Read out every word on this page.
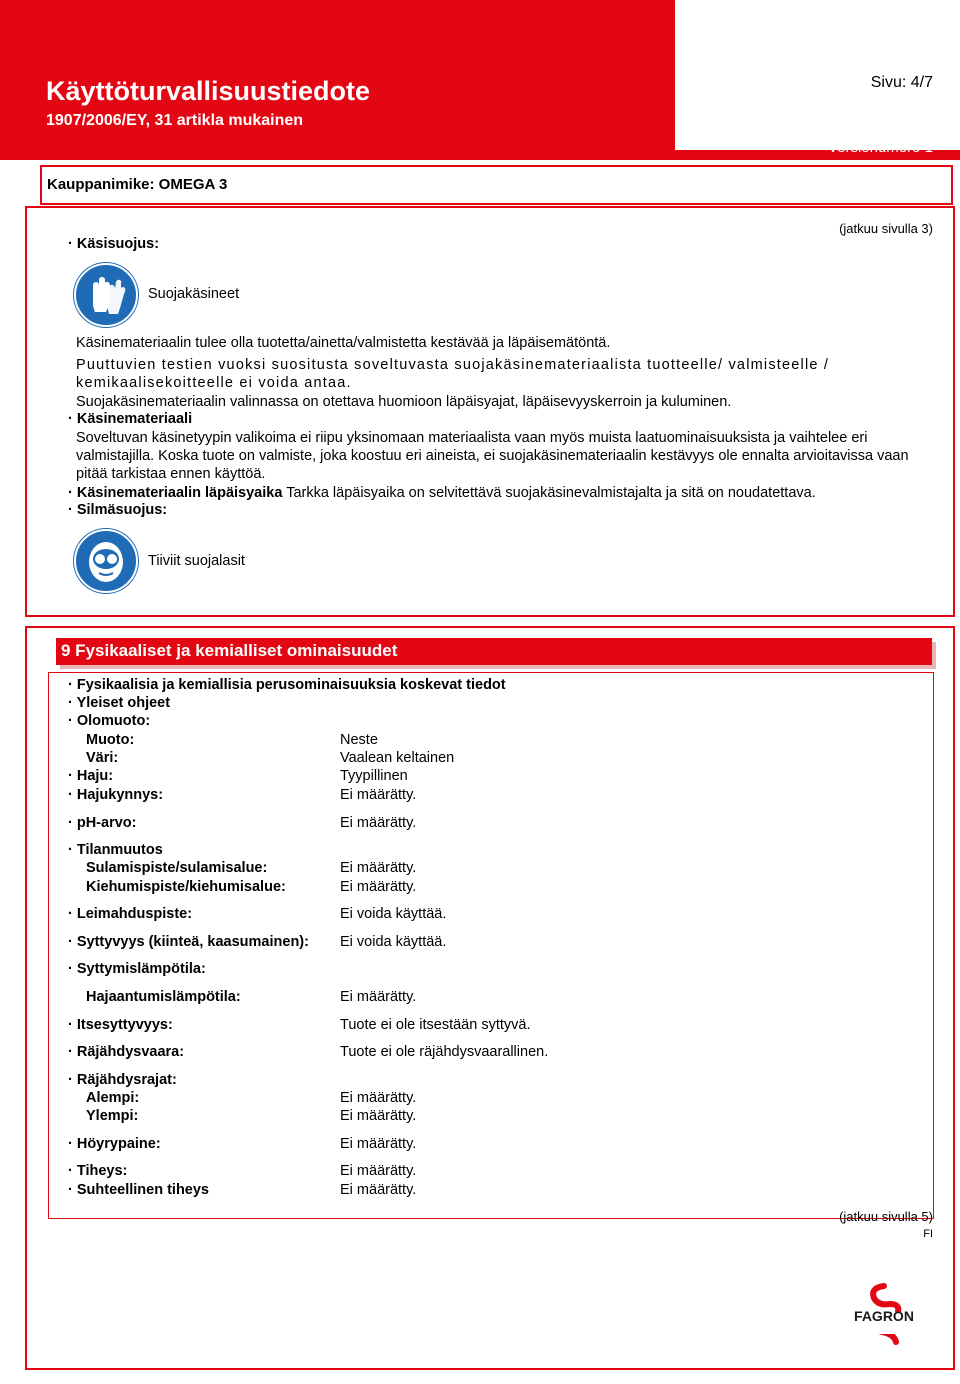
Käyttöturvallisuustiedote
1907/2006/EY, 31 artikla mukainen
Sivu: 4/7
Painatuspäivämäärä 11.01.2013
Tarkistus: 11.01.2013
Versionumero 1
Kauppanimike: OMEGA 3
· Käsisuojus:
(jatkuu sivulla 3)
Suojakäsineet
Käsinemateriaalin tulee olla tuotetta/ainetta/valmistetta kestävää ja läpäisemätöntä.
Puuttuvien testien vuoksi suositusta soveltuvasta suojakäsinemateriaalista tuotteelle/ valmisteelle / kemikaalisekoitteelle ei voida antaa.
Suojakäsinemateriaalin valinnassa on otettava huomioon läpäisyajat, läpäisevyyskerroin ja kuluminen.
· Käsinemateriaali
Soveltuvan käsinetyypin valikoima ei riipu yksinomaan materiaalista vaan myös muista laatuominaisuuksista ja vaihtelee eri valmistajilla. Koska tuote on valmiste, joka koostuu eri aineista, ei suojakäsinemateriaalin kestävyys ole ennalta arvioitavissa vaan pitää tarkistaa ennen käyttöä.
· Käsinemateriaalin läpäisyaika Tarkka läpäisyaika on selvitettävä suojakäsinevalmistajalta ja sitä on noudatettava.
· Silmäsuojus:
Tiiviit suojalasit
9 Fysikaaliset ja kemialliset ominaisuudet
· Fysikaalisia ja kemiallisia perusominaisuuksia koskevat tiedot
· Yleiset ohjeet
· Olomuoto:
Muoto:	Neste
Väri:	Vaalean keltainen
· Haju:	Tyypillinen
· Hajukynnys:	Ei määrätty.
· pH-arvo:	Ei määrätty.
· Tilanmuutos
Sulamispiste/sulamisalue:	Ei määrätty.
Kiehumispiste/kiehumisalue:	Ei määrätty.
· Leimahduspiste:	Ei voida käyttää.
· Syttyvyys (kiinteä, kaasumainen): Ei voida käyttää.
· Syttymislämpötila:
Hajaantumislämpötila:	Ei määrätty.
· Itsesyttyvyys:	Tuote ei ole itsestään syttyvä.
· Räjähdysvaara:	Tuote ei ole räjähdysvaarallinen.
· Räjähdysrajat:
Alempi:	Ei määrätty.
Ylempi:	Ei määrätty.
· Höyrypaine:	Ei määrätty.
· Tiheys:	Ei määrätty.
· Suhteellinen tiheys	Ei määrätty.
(jatkuu sivulla 5)
FI
FAGRON
